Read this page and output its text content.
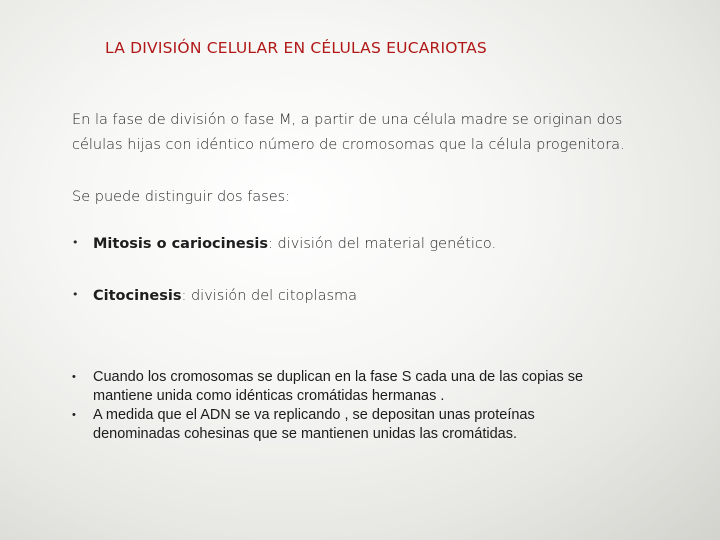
LA DIVISIÓN CELULAR EN CÉLULAS EUCARIOTAS
En la fase de división o fase M, a partir de una célula madre se originan dos
células hijas con idéntico número de cromosomas que la célula progenitora.
Se puede distinguir dos fases:
• Mitosis o cariocinesis: división del material genético.
• Citocinesis: división del citoplasma
• Cuando los cromosomas se duplican en la fase S cada una de las copias se
mantiene unida como idénticas cromátidas hermanas .
• A medida que el ADN se va replicando , se depositan unas proteínas
denominadas cohesinas que se mantienen unidas las cromátidas.
